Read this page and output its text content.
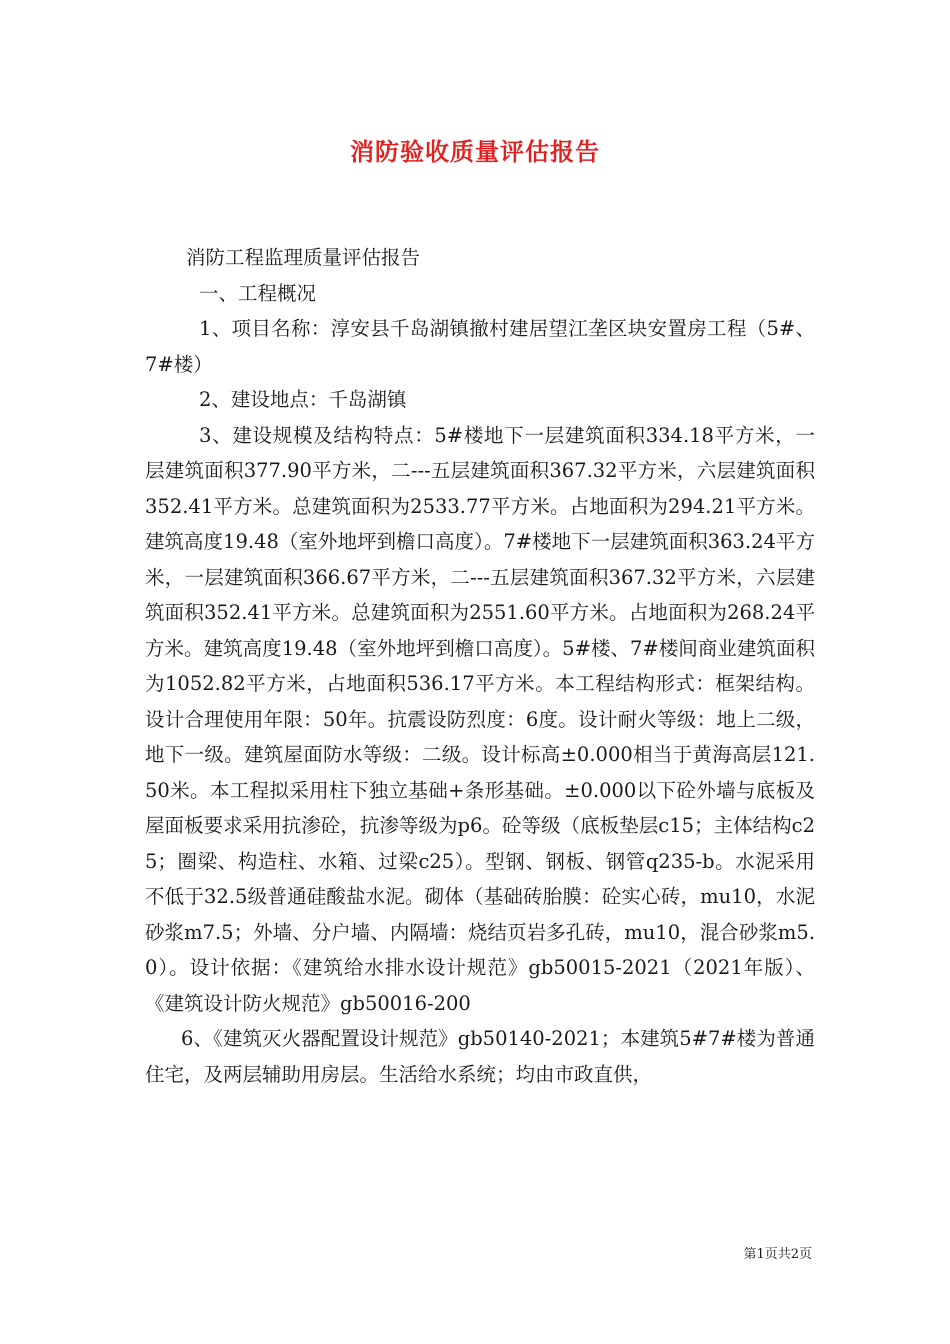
消防验收质量评估报告

消防工程监理质量评估报告

一、工程概况

1、项目名称：淳安县千岛湖镇撤村建居望江垄区块安置房工程（5#、7#楼）

2、建设地点：千岛湖镇

3、建设规模及结构特点：5#楼地下一层建筑面积334.18平方米，一层建筑面积377.90平方米，二---五层建筑面积367.32平方米，六层建筑面积352.41平方米。总建筑面积为2533.77平方米。占地面积为294.21平方米。建筑高度19.48（室外地坪到檐口高度）。7#楼地下一层建筑面积363.24平方米，一层建筑面积366.67平方米，二---五层建筑面积367.32平方米，六层建筑面积352.41平方米。总建筑面积为2551.60平方米。占地面积为268.24平方米。建筑高度19.48（室外地坪到檐口高度）。5#楼、7#楼间商业建筑面积为1052.82平方米，占地面积536.17平方米。本工程结构形式：框架结构。设计合理使用年限：50年。抗震设防烈度：6度。设计耐火等级：地上二级，地下一级。建筑屋面防水等级：二级。设计标高±0.000相当于黄海高层121.50米。本工程拟采用柱下独立基础+条形基础。±0.000以下砼外墙与底板及屋面板要求采用抗渗砼，抗渗等级为p6。砼等级（底板垫层c15；主体结构c25；圈梁、构造柱、水箱、过梁c25）。型钢、钢板、钢管q235-b。水泥采用不低于32.5级普通硅酸盐水泥。砌体（基础砖胎膜：砼实心砖，mu10，水泥砂浆m7.5；外墙、分户墙、内隔墙：烧结页岩多孔砖，mu10，混合砂浆m5.0）。设计依据：《建筑给水排水设计规范》gb50015-2021（2021年版）、《建筑设计防火规范》gb50016-200

6、《建筑灭火器配置设计规范》gb50140-2021；本建筑5#7#楼为普通住宅，及两层辅助用房层。生活给水系统；均由市政直供，

第1页共2页
